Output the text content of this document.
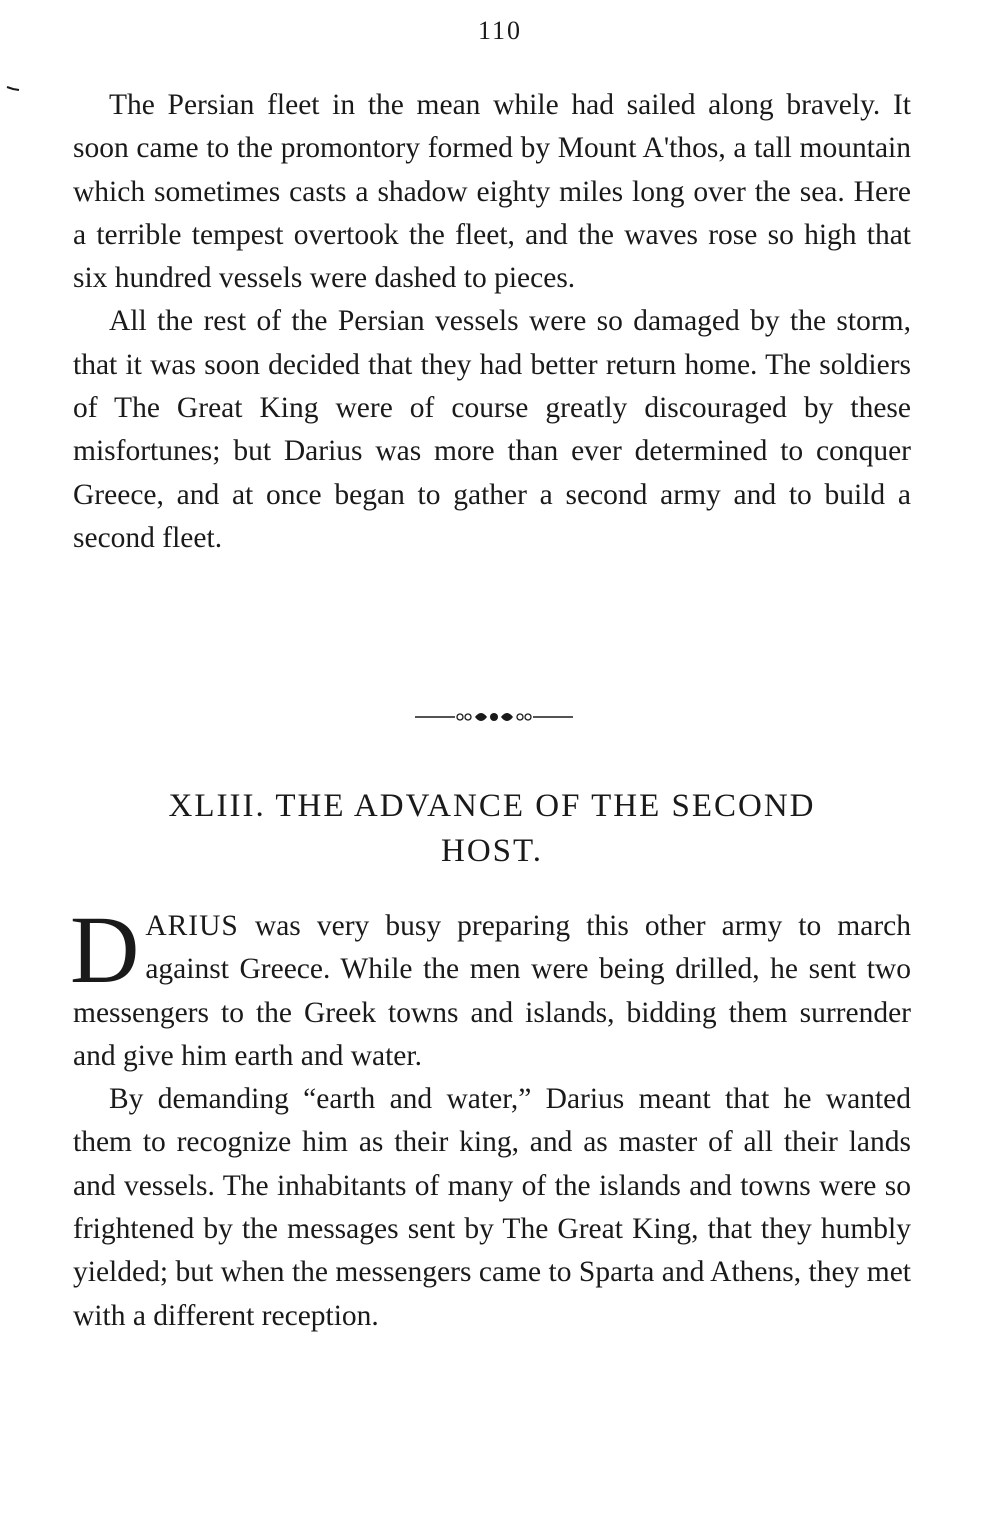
110

The Persian fleet in the mean while had sailed along bravely. It soon came to the promontory formed by Mount A'thos, a tall mountain which sometimes casts a shadow eighty miles long over the sea. Here a terrible tempest overtook the fleet, and the waves rose so high that six hundred vessels were dashed to pieces.

All the rest of the Persian vessels were so damaged by the storm, that it was soon decided that they had better return home. The soldiers of The Great King were of course greatly discouraged by these misfortunes; but Darius was more than ever determined to conquer Greece, and at once began to gather a second army and to build a second fleet.

XLIII. THE ADVANCE OF THE SECOND
HOST.

DARIUS was very busy preparing this other army to march against Greece. While the men were being drilled, he sent two messengers to the Greek towns and islands, bidding them surrender and give him earth and water.

By demanding “earth and water,” Darius meant that he wanted them to recognize him as their king, and as master of all their lands and vessels. The inhabitants of many of the islands and towns were so frightened by the messages sent by The Great King, that they humbly yielded; but when the messengers came to Sparta and Athens, they met with a different reception.
